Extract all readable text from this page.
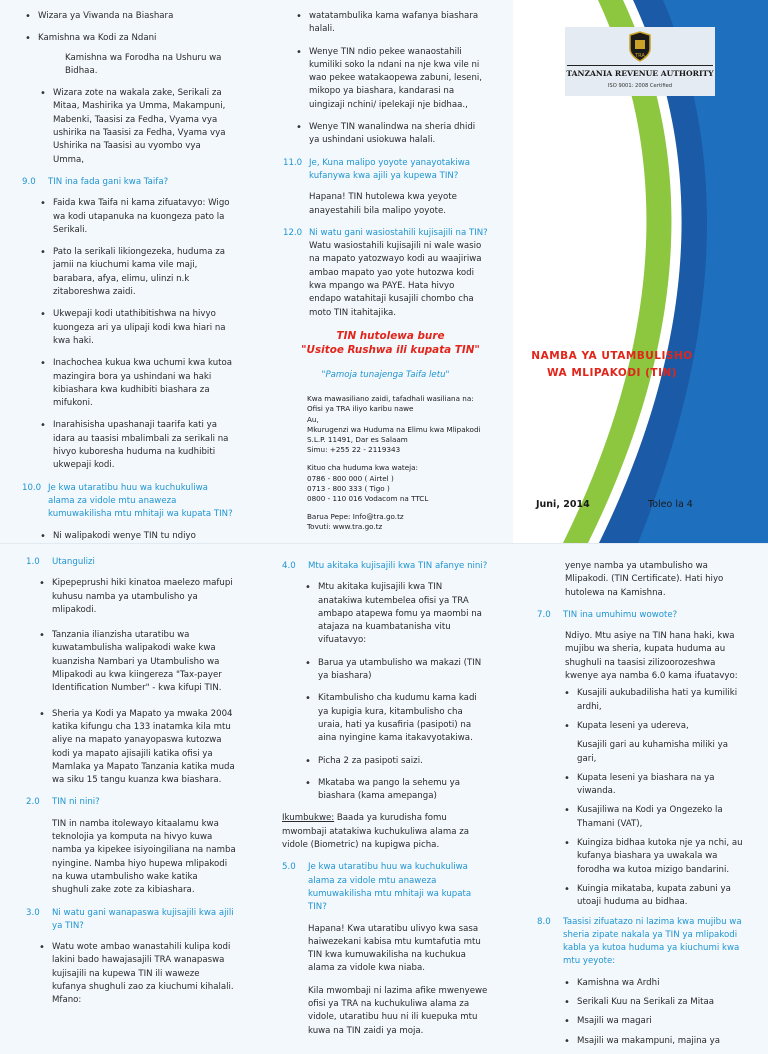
• Wizara ya Viwanda na Biashara
• Kamishna wa Kodi za Ndani

Kamishna wa Forodha na Ushuru wa Bidhaa.

• Wizara zote na wakala zake, Serikali za Mitaa, Mashirika ya Umma, Makampuni, Mabenki, Taasisi za Fedha, Vyama vya ushirika na Taasisi za Fedha, Vyama vya Ushirika na Taasisi au vyombo vya Umma,
9.0 TIN ina fada gani kwa Taifa?
• Faida kwa Taifa ni kama zifuatavyo: Wigo wa kodi utapanuka na kuongeza pato la Serikali.
• Pato la serikali likiongezeka, huduma za jamii na kiuchumi kama vile maji, barabara, afya, elimu, ulinzi n.k zitaboreshwa zaidi.
• Ukwepaji kodi utathibitishwa na hivyo kuongeza ari ya ulipaji kodi kwa hiari na kwa haki.
• Inachochea kukua kwa uchumi kwa kutoa mazingira bora ya ushindani wa haki kibiashara kwa kudhibiti biashara za mifukoni.
• Inarahisisha upashanaji taarifa kati ya idara au taasisi mbalimbali za serikali na hivyo kuboresha huduma na kudhibiti ukwepaji kodi.
10.0 Je kwa utaratibu huu wa kuchukuliwa alama za vidole mtu anaweza kumuwakilisha mtu mhitaji wa kupata TIN?
• Ni walipakodi wenye TIN tu ndiyo
• watatambulika kama wafanya biashara halali.
• Wenye TIN ndio pekee wanaostahili kumiliki soko la ndani na nje kwa vile ni wao pekee watakaopewa zabuni, leseni, mikopo ya biashara, kandarasi na uingizaji nchini/ ipelekaji nje bidhaa.,
• Wenye TIN wanalindwa na sheria dhidi ya ushindani usiokuwa halali.
11.0 Je, Kuna malipo yoyote yanayotakiwa kufanywa kwa ajili ya kupewa TIN?

Hapana! TIN hutolewa kwa yeyote anayestahili bila malipo yoyote.

12.0 Ni watu gani wasiostahili kujisajili na TIN?

Watu wasiostahili kujisajili ni wale wasio na mapato yatozwayo kodi au waajiriwa ambao mapato yao yote hutozwa kodi kwa mpango wa PAYE. Hata hivyo endapo watahitaji kusajili chombo cha moto TIN itahitajika.

TIN hutolewa bure
"Usitoe Rushwa ili kupata TIN"
"Pamoja tunajenga Taifa letu"
Kwa mawasiliano zaidi, tafadhali wasiliana na:
Ofisi ya TRA iliyo karibu nawe
Au,
Mkurugenzi wa Huduma na Elimu kwa Mlipakodi
S.L.P. 11491, Dar es Salaam
Simu: +255 22 - 2119343
Kituo cha huduma kwa wateja:
0786 - 800 000 ( Airtel )
0713 - 800 333 ( Tigo )
0800 - 110 016 Vodacom na TTCL
Barua Pepe: Info@tra.go.tz
Tovuti: www.tra.go.tz
TRA
TANZANIA REVENUE AUTHORITY
ISO 9001: 2008 Certified
NAMBA YA UTAMBULISHO
WA MLIPAKODI (TIN)
Juni, 2014	Toleo la 4
1.0 Utangulizi
• Kipepeprushi hiki kinatoa maelezo mafupi kuhusu namba ya utambulisho ya mlipakodi.
• Tanzania ilianzisha utaratibu wa kuwatambulisha walipakodi wake kwa kuanzisha Nambari ya Utambulisho wa Mlipakodi au kwa kiingereza "Tax-payer Identification Number" - kwa kifupi TIN.
• Sheria ya Kodi ya Mapato ya mwaka 2004 katika kifungu cha 133 inatamka kila mtu aliye na mapato yanayopaswa kutozwa kodi ya mapato ajisajili katika ofisi ya Mamlaka ya Mapato Tanzania katika muda wa siku 15 tangu kuanza kwa biashara.
2.0 TIN ni nini?

TIN in namba itolewayo kitaalamu kwa teknolojia ya komputa na hivyo kuwa namba ya kipekee isiyoingiliana na namba nyingine. Namba hiyo hupewa mlipakodi na kuwa utambulisho wake katika shughuli zake zote za kibiashara.

3.0 Ni watu gani wanapaswa kujisajili kwa ajili ya TIN?
• Watu wote ambao wanastahili kulipa kodi lakini bado hawajasajili TRA wanapaswa kujisajili na kupewa TIN ili waweze kufanya shughuli zao za kiuchumi kihalali. Mfano:
4.0 Mtu akitaka kujisajili kwa TIN afanye nini?
• Mtu akitaka kujisajili kwa TIN anatakiwa kutembelea ofisi ya TRA ambapo atapewa fomu ya maombi na atajaza na kuambatanisha vitu vifuatavyo:
• Barua ya utambulisho wa makazi (TIN ya biashara)
• Kitambulisho cha kudumu kama kadi ya kupigia kura, kitambulisho cha uraia, hati ya kusafiria (pasipoti) na aina nyingine kama itakavyotakiwa.
• Picha 2 za pasipoti saizi.
• Mkataba wa pango la sehemu ya biashara (kama amepanga)

Ikumbukwe: Baada ya kurudisha fomu mwombaji atatakiwa kuchukuliwa alama za vidole (Biometric) na kupigwa picha.

5.0 Je kwa utaratibu huu wa kuchukuliwa alama za vidole mtu anaweza kumuwakilisha mtu mhitaji wa kupata TIN?

Hapana! Kwa utaratibu ulivyo kwa sasa haiwezekani kabisa mtu kumtafutia mtu TIN kwa kumuwakilisha na kuchukua alama za vidole kwa niaba.

Kila mwombaji ni lazima afike mwenyewe ofisi ya TRA na kuchukuliwa alama za vidole, utaratibu huu ni ili kuepuka mtu kuwa na TIN zaidi ya moja.

yenye namba ya utambulisho wa Mlipakodi. (TIN Certificate). Hati hiyo hutolewa na Kamishna.

7.0 TIN ina umuhimu wowote?

Ndiyo. Mtu asiye na TIN hana haki, kwa mujibu wa sheria, kupata huduma au shughuli na taasisi zilizoorozeshwa kwenye aya namba 6.0 kama ifuatavyo:

• Kusajili aukubadilisha hati ya kumiliki ardhi,
• Kupata leseni ya udereva,

Kusajili gari au kuhamisha miliki ya gari,

• Kupata leseni ya biashara na ya viwanda.
• Kusajiliwa na Kodi ya Ongezeko la Thamani (VAT),
• Kuingiza bidhaa kutoka nje ya nchi, au kufanya biashara ya uwakala wa forodha wa kutoa mizigo bandarini.
• Kuingia mikataba, kupata zabuni ya utoaji huduma au bidhaa.
8.0 Taasisi zifuatazo ni lazima kwa mujibu wa sheria zipate nakala ya TIN ya mlipakodi kabla ya kutoa huduma ya kiuchumi kwa mtu yeyote:
• Kamishna wa Ardhi
• Serikali Kuu na Serikali za Mitaa
• Msajili wa magari
• Msajili wa makampuni, majina ya
